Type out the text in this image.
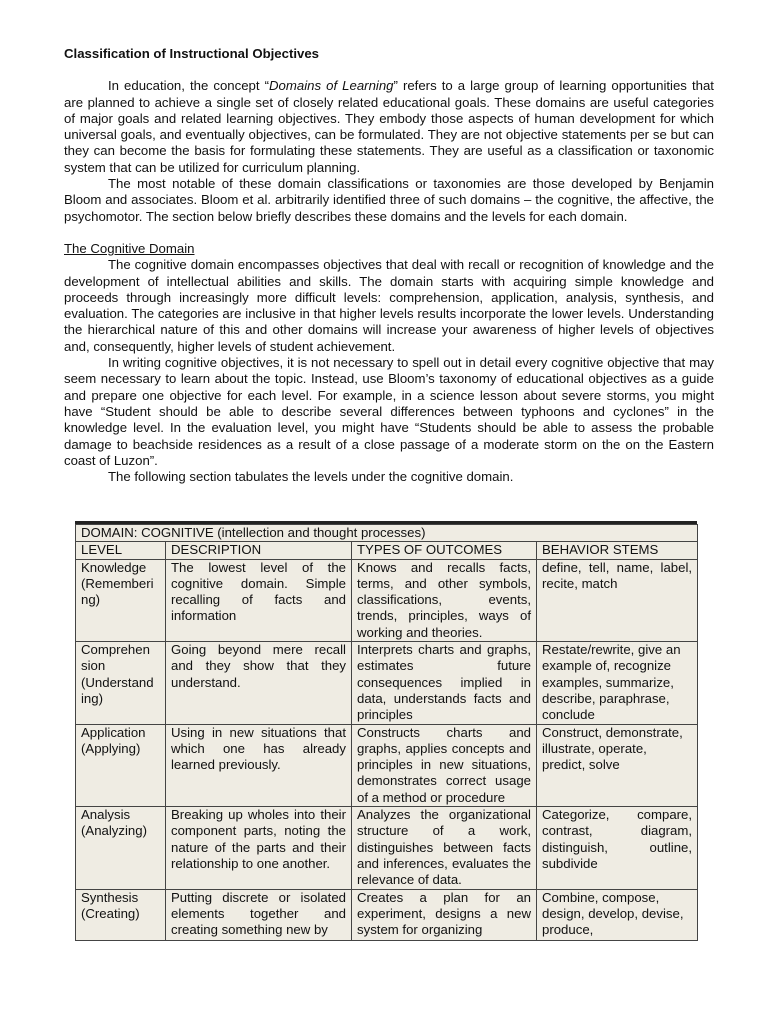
Classification of Instructional Objectives

In education, the concept “Domains of Learning” refers to a large group of learning opportunities that are planned to achieve a single set of closely related educational goals. These domains are useful categories of major goals and related learning objectives. They embody those aspects of human development for which universal goals, and eventually objectives, can be formulated. They are not objective statements per se but can they can become the basis for formulating these statements. They are useful as a classification or taxonomic system that can be utilized for curriculum planning.

The most notable of these domain classifications or taxonomies are those developed by Benjamin Bloom and associates. Bloom et al. arbitrarily identified three of such domains – the cognitive, the affective, the psychomotor. The section below briefly describes these domains and the levels for each domain.

The Cognitive Domain

The cognitive domain encompasses objectives that deal with recall or recognition of knowledge and the development of intellectual abilities and skills. The domain starts with acquiring simple knowledge and proceeds through increasingly more difficult levels: comprehension, application, analysis, synthesis, and evaluation. The categories are inclusive in that higher levels results incorporate the lower levels. Understanding the hierarchical nature of this and other domains will increase your awareness of higher levels of objectives and, consequently, higher levels of student achievement.

In writing cognitive objectives, it is not necessary to spell out in detail every cognitive objective that may seem necessary to learn about the topic. Instead, use Bloom’s taxonomy of educational objectives as a guide and prepare one objective for each level. For example, in a science lesson about severe storms, you might have “Student should be able to describe several differences between typhoons and cyclones” in the knowledge level. In the evaluation level, you might have “Students should be able to assess the probable damage to beachside residences as a result of a close passage of a moderate storm on the on the Eastern coast of Luzon”.

The following section tabulates the levels under the cognitive domain.

DOMAIN: COGNITIVE (intellection and thought processes)			
LEVEL	DESCRIPTION	TYPES OF OUTCOMES	BEHAVIOR STEMS
Knowledge
(Rememberi
ng)	The lowest level of the cognitive domain. Simple recalling of facts and information	Knows and recalls facts, terms, and other symbols, classifications, events, trends, principles, ways of working and theories.	define, tell, name, label, recite, match
Comprehen
sion
(Understand
ing)	Going beyond mere recall and they show that they understand.	Interprets charts and graphs, estimates future consequences implied in data, understands facts and principles	Restate/rewrite, give an example of, recognize examples, summarize, describe, paraphrase, conclude
Application (Applying)	Using in new situations that which one has already learned previously.	Constructs charts and graphs, applies concepts and principles in new situations, demonstrates correct usage of a method or procedure	Construct, demonstrate, illustrate, operate, predict, solve
Analysis (Analyzing)	Breaking up wholes into their component parts, noting the nature of the parts and their relationship to one another.	Analyzes the organizational structure of a work, distinguishes between facts and inferences, evaluates the relevance of data.	Categorize, compare, contrast, diagram, distinguish, outline, subdivide
Synthesis (Creating)	Putting discrete or isolated elements together and creating something new by	Creates a plan for an experiment, designs a new system for organizing	Combine, compose, design, develop, devise, produce,
